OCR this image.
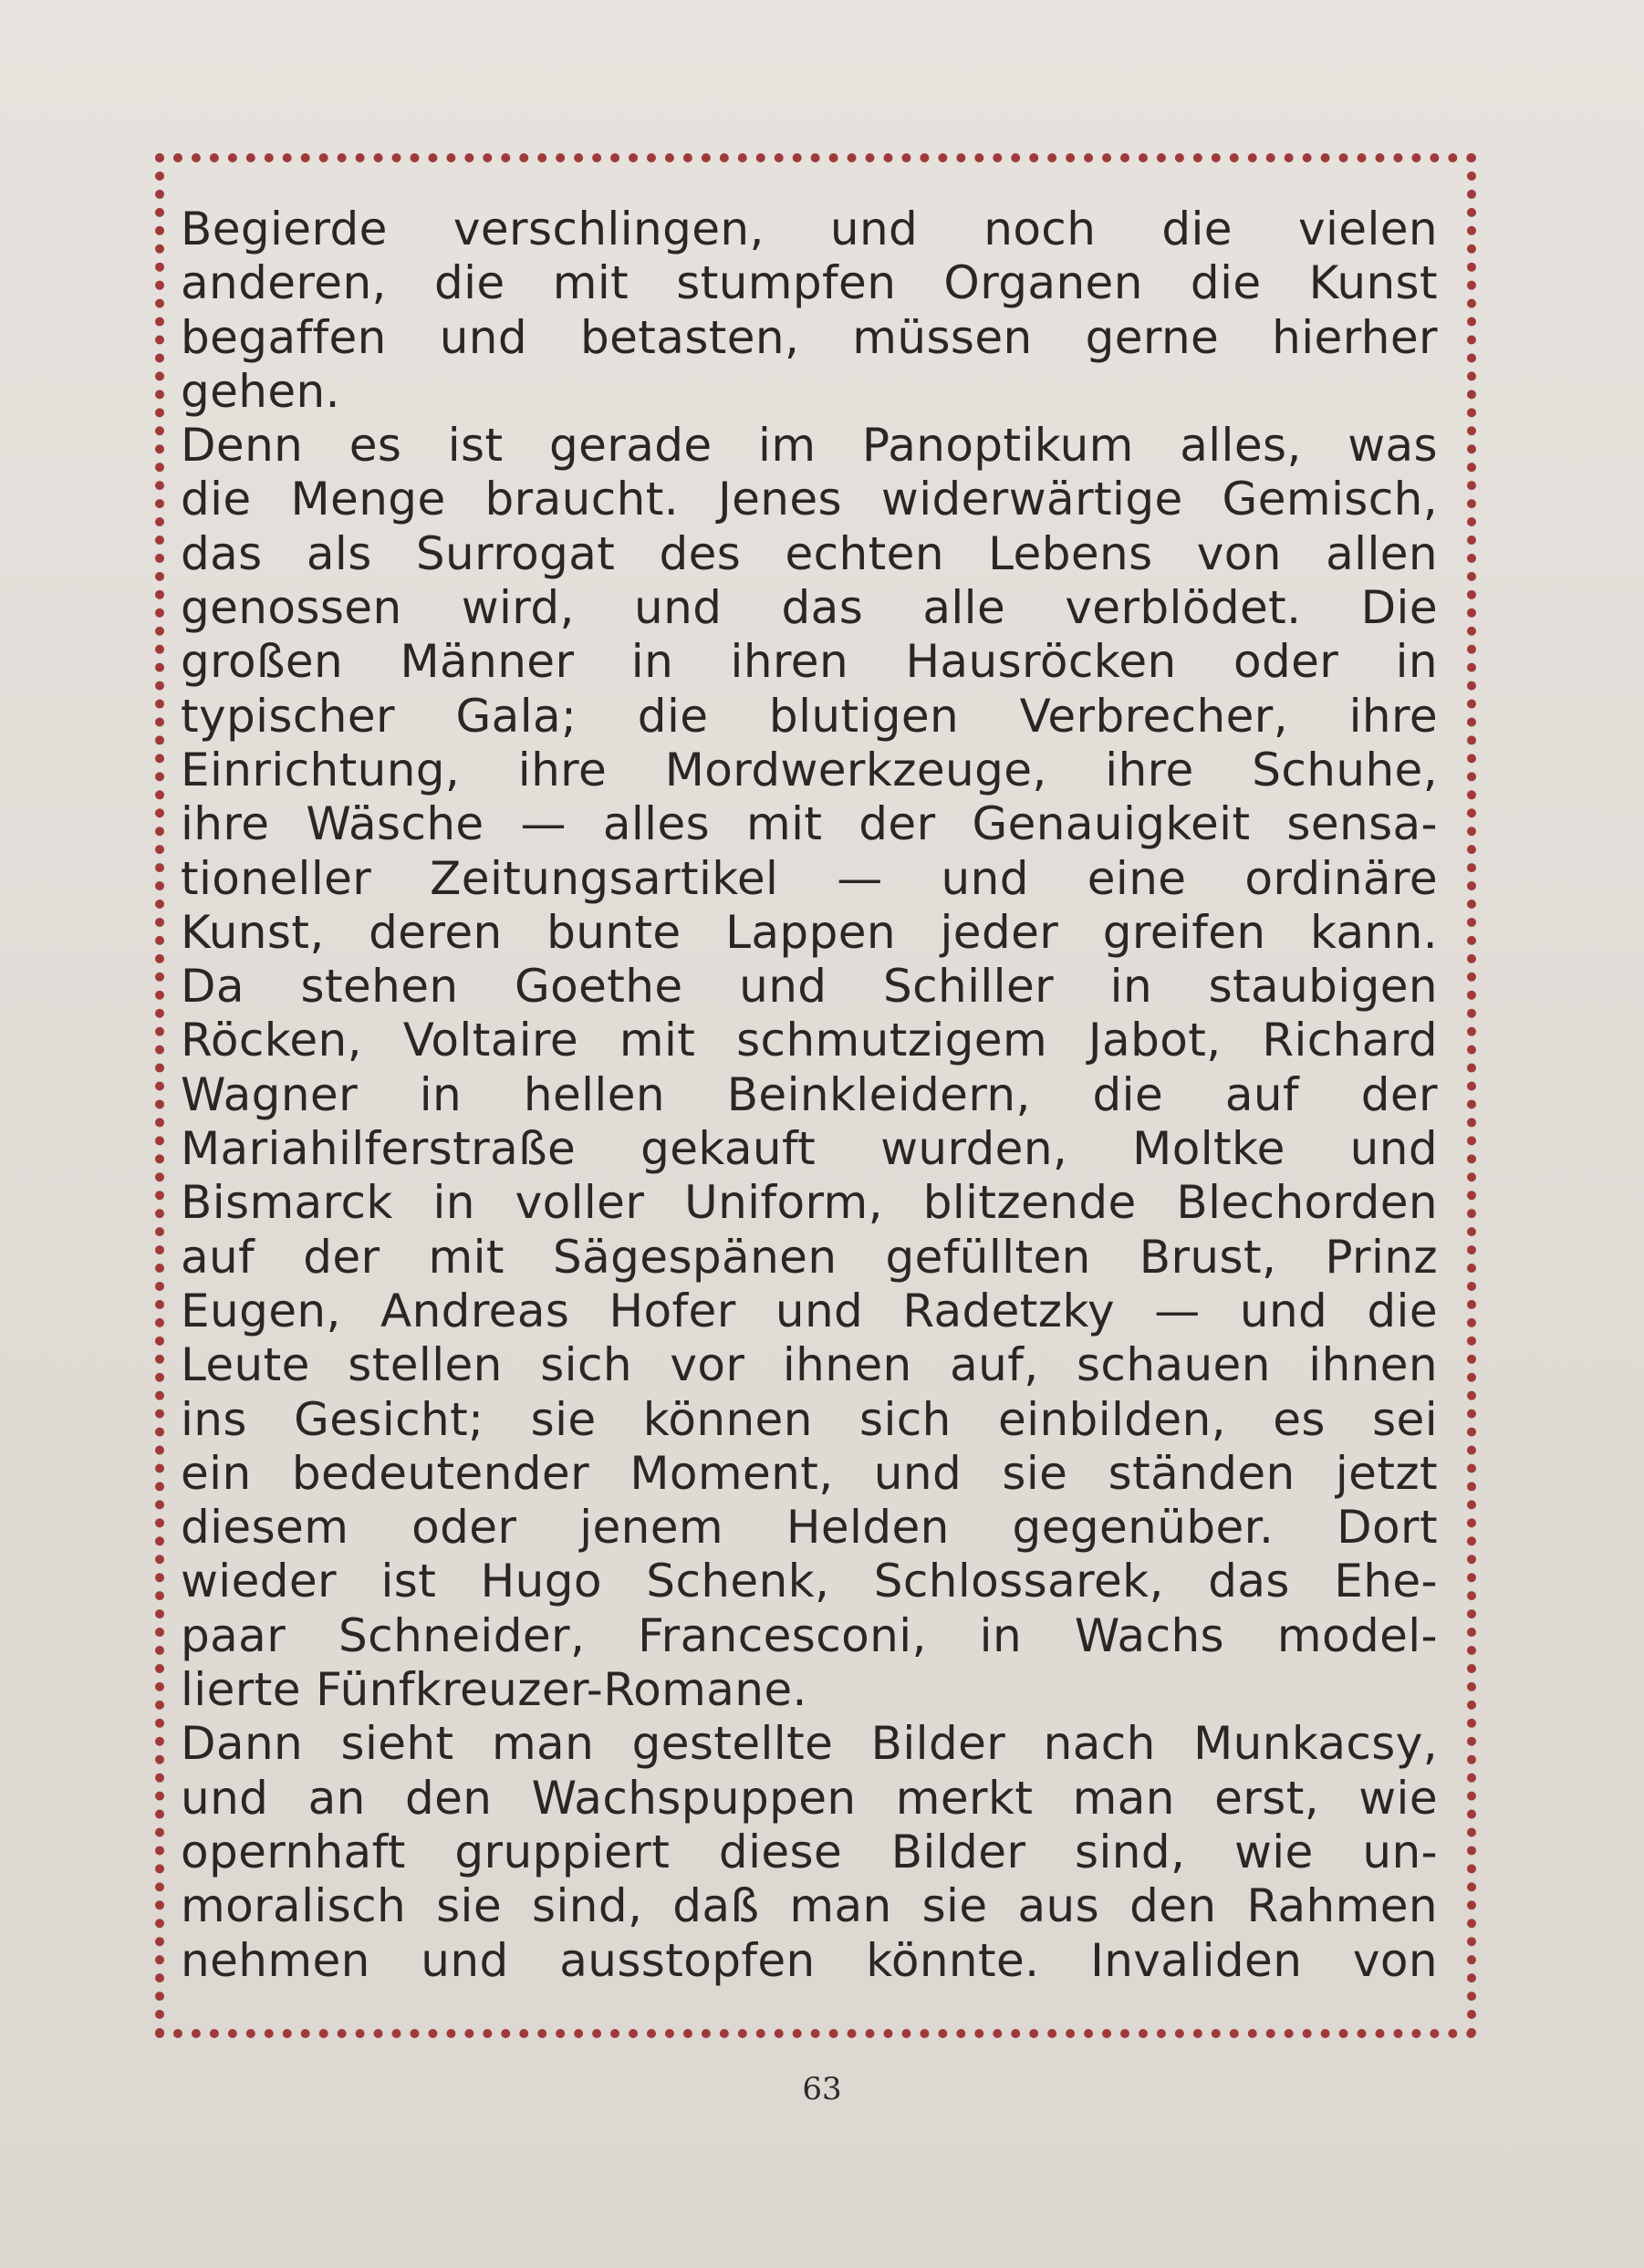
Begierde verschlingen, und noch die vielen
anderen, die mit stumpfen Organen die Kunst
begaffen und betasten, müssen gerne hierher
gehen.
Denn es ist gerade im Panoptikum alles, was
die Menge braucht. Jenes widerwärtige Gemisch,
das als Surrogat des echten Lebens von allen
genossen wird, und das alle verblödet. Die
großen Männer in ihren Hausröcken oder in
typischer Gala; die blutigen Verbrecher, ihre
Einrichtung, ihre Mordwerkzeuge, ihre Schuhe,
ihre Wäsche — alles mit der Genauigkeit sensa-
tioneller Zeitungsartikel — und eine ordinäre
Kunst, deren bunte Lappen jeder greifen kann.
Da stehen Goethe und Schiller in staubigen
Röcken, Voltaire mit schmutzigem Jabot, Richard
Wagner in hellen Beinkleidern, die auf der
Mariahilferstraße gekauft wurden, Moltke und
Bismarck in voller Uniform, blitzende Blechorden
auf der mit Sägespänen gefüllten Brust, Prinz
Eugen, Andreas Hofer und Radetzky — und die
Leute stellen sich vor ihnen auf, schauen ihnen
ins Gesicht; sie können sich einbilden, es sei
ein bedeutender Moment, und sie ständen jetzt
diesem oder jenem Helden gegenüber. Dort
wieder ist Hugo Schenk, Schlossarek, das Ehe-
paar Schneider, Francesconi, in Wachs model-
lierte Fünfkreuzer-Romane.
Dann sieht man gestellte Bilder nach Munkacsy,
und an den Wachspuppen merkt man erst, wie
opernhaft gruppiert diese Bilder sind, wie un-
moralisch sie sind, daß man sie aus den Rahmen
nehmen und ausstopfen könnte. Invaliden von
63
